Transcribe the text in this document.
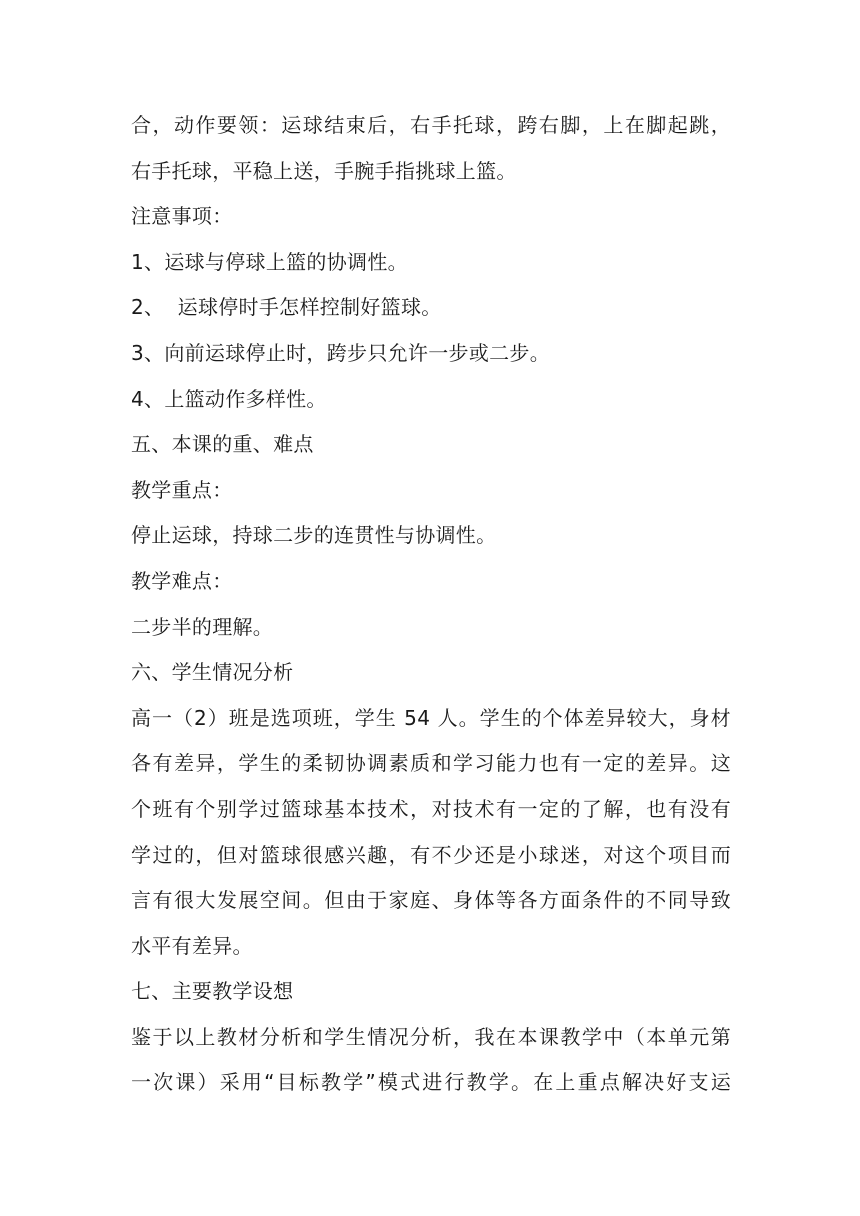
合，动作要领：运球结束后，右手托球，跨右脚，上在脚起跳，

右手托球，平稳上送，手腕手指挑球上篮。

注意事项：

1、运球与停球上篮的协调性。

2、  运球停时手怎样控制好篮球。

3、向前运球停止时，跨步只允许一步或二步。

4、上篮动作多样性。

五、本课的重、难点

教学重点：

停止运球，持球二步的连贯性与协调性。

教学难点：

二步半的理解。

六、学生情况分析

高一（2）班是选项班，学生 54 人。学生的个体差异较大，身材

各有差异，学生的柔韧协调素质和学习能力也有一定的差异。这

个班有个别学过篮球基本技术，对技术有一定的了解，也有没有

学过的，但对篮球很感兴趣，有不少还是小球迷，对这个项目而

言有很大发展空间。但由于家庭、身体等各方面条件的不同导致

水平有差异。

七、主要教学设想

鉴于以上教材分析和学生情况分析，我在本课教学中（本单元第

一次课）采用“目标教学”模式进行教学。在上重点解决好支运
